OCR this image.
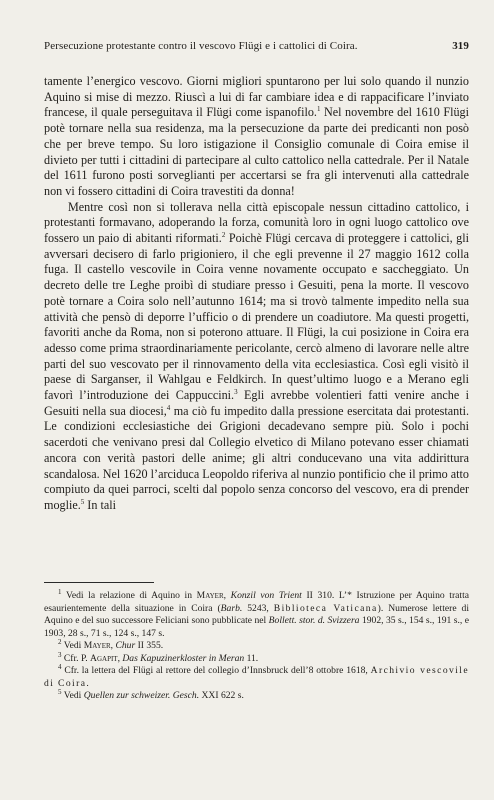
Persecuzione protestante contro il vescovo Flügi e i cattolici di Coira.	319

tamente l’energico vescovo. Giorni migliori spuntarono per lui solo quando il nunzio Aquino si mise di mezzo. Riuscì a lui di far cambiare idea e di rappacificare l’inviato francese, il quale perseguitava il Flügi come ispanofilo.$^1$ Nel novembre del 1610 Flügi potè tornare nella sua residenza, ma la persecuzione da parte dei predicanti non posò che per breve tempo. Su loro istigazione il Consiglio comunale di Coira emise il divieto per tutti i cittadini di partecipare al culto cattolico nella cattedrale. Per il Natale del 1611 furono posti sorveglianti per accertarsi se fra gli intervenuti alla cattedrale non vi fossero cittadini di Coira travestiti da donna!

Mentre così non si tollerava nella città episcopale nessun cittadino cattolico, i protestanti formavano, adoperando la forza, comunità loro in ogni luogo cattolico ove fossero un paio di abitanti riformati.$^2$ Poichè Flügi cercava di proteggere i cattolici, gli avversari decisero di farlo prigioniero, il che egli prevenne il 27 maggio 1612 colla fuga. Il castello vescovile in Coira venne novamente occupato e saccheggiato. Un decreto delle tre Leghe proibì di studiare presso i Gesuiti, pena la morte. Il vescovo potè tornare a Coira solo nell’autunno 1614; ma si trovò talmente impedito nella sua attività che pensò di deporre l’ufficio o di prendere un coadiutore. Ma questi progetti, favoriti anche da Roma, non si poterono attuare. Il Flügi, la cui posizione in Coira era adesso come prima straordinariamente pericolante, cercò almeno di lavorare nelle altre parti del suo vescovato per il rinnovamento della vita ecclesiastica. Così egli visitò il paese di Sarganser, il Wahlgau e Feldkirch. In quest’ultimo luogo e a Merano egli favorì l’introduzione dei Cappuccini.$^3$ Egli avrebbe volentieri fatti venire anche i Gesuiti nella sua diocesi,$^4$ ma ciò fu impedito dalla pressione esercitata dai protestanti. Le condizioni ecclesiastiche dei Grigioni decadevano sempre più. Solo i pochi sacerdoti che venivano presi dal Collegio elvetico di Milano potevano esser chiamati ancora con verità pastori delle anime; gli altri conducevano una vita addirittura scandalosa. Nel 1620 l’arciduca Leopoldo riferiva al nunzio pontificio che il primo atto compiuto da quei parroci, scelti dal popolo senza concorso del vescovo, era di prender moglie.$^5$ In tali

$^1$ Vedi la relazione di Aquino in Mayer, Konzil von Trient II 310. L’* Istruzione per Aquino tratta esaurientemente della situazione in Coira (Barb. 5243, Biblioteca Vaticana). Numerose lettere di Aquino e del suo successore Feliciani sono pubblicate nel Bollett. stor. d. Svizzera 1902, 35 s., 154 s., 191 s., e 1903, 28 s., 71 s., 124 s., 147 s.

$^2$ Vedi Mayer, Chur II 355.

$^3$ Cfr. P. Agapit, Das Kapuzinerkloster in Meran 11.

$^4$ Cfr. la lettera del Flügi al rettore del collegio d’Innsbruck dell’8 ottobre 1618, Archivio vescovile di Coira.

$^5$ Vedi Quellen zur schweizer. Gesch. XXI 622 s.
